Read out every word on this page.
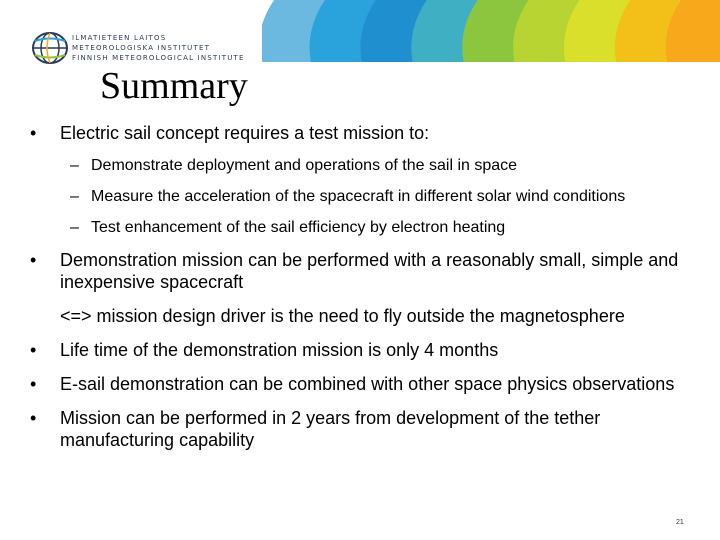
ILMATIETEEN LAITOS
METEOROLOGISKA INSTITUTET
FINNISH METEOROLOGICAL INSTITUTE
Summary
• Electric sail concept requires a test mission to:
– Demonstrate deployment and operations of the sail in space
– Measure the acceleration of the spacecraft in different solar wind conditions
– Test enhancement of the sail efficiency by electron heating
• Demonstration mission can be performed with a reasonably small, simple and inexpensive spacecraft
<=> mission design driver is the need to fly outside the magnetosphere
• Life time of the demonstration mission is only 4 months
• E-sail demonstration can be combined with other space physics observations
• Mission can be performed in 2 years from development of the tether manufacturing capability
21
